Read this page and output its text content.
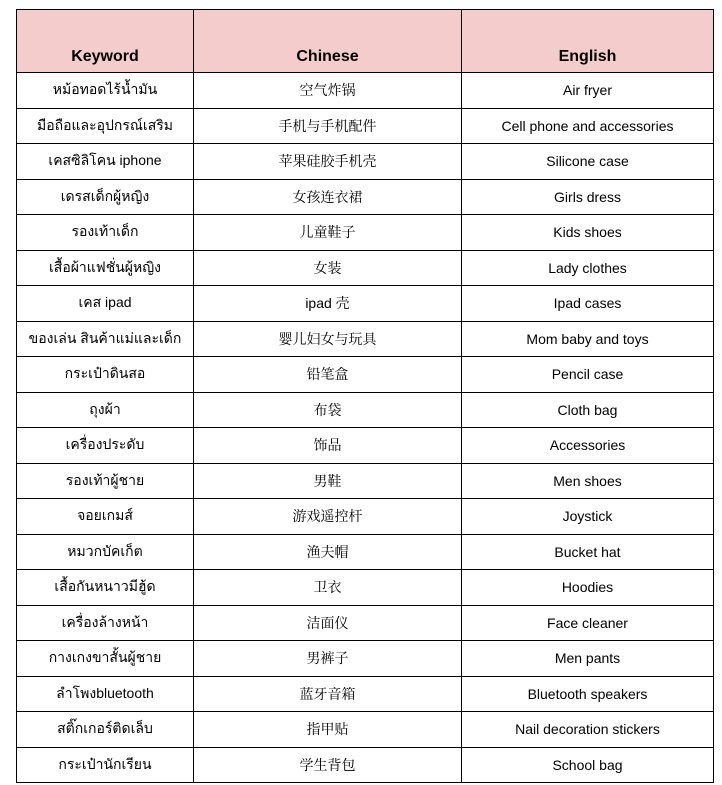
Keyword	Chinese	English
หม้อทอดไร้น้ำมัน	空气炸锅	Air fryer
มือถือและอุปกรณ์เสริม	手机与手机配件	Cell phone and accessories
เคสซิลิโคน iphone	苹果硅胶手机壳	Silicone case
เดรสเด็กผู้หญิง	女孩连衣裙	Girls dress
รองเท้าเด็ก	儿童鞋子	Kids shoes
เสื้อผ้าแฟชั่นผู้หญิง	女装	Lady clothes
เคส ipad	ipad 壳	Ipad cases
ของเล่น สินค้าแม่และเด็ก	婴儿妇女与玩具	Mom baby and toys
กระเป๋าดินสอ	铅笔盒	Pencil case
ถุงผ้า	布袋	Cloth bag
เครื่องประดับ	饰品	Accessories
รองเท้าผู้ชาย	男鞋	Men shoes
จอยเกมส์	游戏遥控杆	Joystick
หมวกบัคเก็ต	渔夫帽	Bucket hat
เสื้อกันหนาวมีฮู้ด	卫衣	Hoodies
เครื่องล้างหน้า	洁面仪	Face cleaner
กางเกงขาสั้นผู้ชาย	男裤子	Men pants
ลำโพงbluetooth	蓝牙音箱	Bluetooth speakers
สติ๊กเกอร์ติดเล็บ	指甲贴	Nail decoration stickers
กระเป๋านักเรียน	学生背包	School bag
